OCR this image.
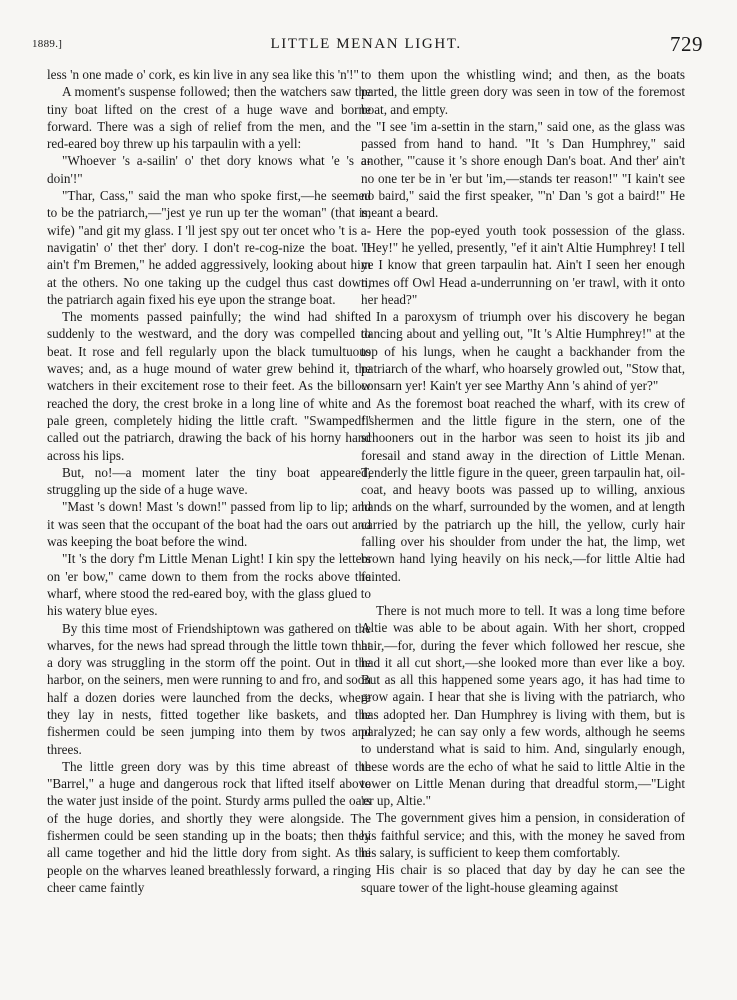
1889.]	LITTLE MENAN LIGHT.	729

less 'n one made o' cork, es kin live in any sea like this 'n'!"

A moment's suspense followed; then the watchers saw the tiny boat lifted on the crest of a huge wave and borne forward. There was a sigh of relief from the men, and the red-eared boy threw up his tarpaulin with a yell:

"Whoever 's a-sailin' o' thet dory knows what 'e 's a-doin'!"

"Thar, Cass," said the man who spoke first,—he seemed to be the patriarch,—"jest ye run up ter the woman" (that is, wife) "and git my glass. I 'll jest spy out ter oncet who 't is a-navigatin' o' thet ther' dory. I don't re-cog-nize the boat. It ain't f'm Bremen," he added aggressively, looking about him at the others. No one taking up the cudgel thus cast down, the patriarch again fixed his eye upon the strange boat.

The moments passed painfully; the wind had shifted suddenly to the westward, and the dory was compelled to beat. It rose and fell regularly upon the black tumultuous waves; and, as a huge mound of water grew behind it, the watchers in their excitement rose to their feet. As the billow reached the dory, the crest broke in a long line of white and pale green, completely hiding the little craft. "Swamped!" called out the patriarch, drawing the back of his horny hand across his lips.

But, no!—a moment later the tiny boat appeared, struggling up the side of a huge wave.

"Mast 's down! Mast 's down!" passed from lip to lip; and it was seen that the occupant of the boat had the oars out and was keeping the boat before the wind.

"It 's the dory f'm Little Menan Light! I kin spy the letters on 'er bow," came down to them from the rocks above the wharf, where stood the red-eared boy, with the glass glued to his watery blue eyes.

By this time most of Friendshiptown was gathered on the wharves, for the news had spread through the little town that a dory was struggling in the storm off the point. Out in the harbor, on the seiners, men were running to and fro, and soon half a dozen dories were launched from the decks, where they lay in nests, fitted together like baskets, and the fishermen could be seen jumping into them by twos and threes.

The little green dory was by this time abreast of the "Barrel," a huge and dangerous rock that lifted itself above the water just inside of the point. Sturdy arms pulled the oars of the huge dories, and shortly they were alongside. The fishermen could be seen standing up in the boats; then they all came together and hid the little dory from sight. As the people on the wharves leaned breathlessly forward, a ringing cheer came faintly

to them upon the whistling wind; and then, as the boats parted, the little green dory was seen in tow of the foremost boat, and empty.

"I see 'im a-settin in the starn," said one, as the glass was passed from hand to hand. "It 's Dan Humphrey," said another, "'cause it 's shore enough Dan's boat. And ther' ain't no one ter be in 'er but 'im,—stands ter reason!" "I kain't see no baird," said the first speaker, "'n' Dan 's got a baird!" He meant a beard.

Here the pop-eyed youth took possession of the glass. "Hey!" he yelled, presently, "ef it ain't Altie Humphrey! I tell ye I know that green tarpaulin hat. Ain't I seen her enough times off Owl Head a-underrunning on 'er trawl, with it onto her head?"

In a paroxysm of triumph over his discovery he began dancing about and yelling out, "It 's Altie Humphrey!" at the top of his lungs, when he caught a backhander from the patriarch of the wharf, who hoarsely growled out, "Stow that, consarn yer! Kain't yer see Marthy Ann 's ahind of yer?"

As the foremost boat reached the wharf, with its crew of fishermen and the little figure in the stern, one of the schooners out in the harbor was seen to hoist its jib and foresail and stand away in the direction of Little Menan. Tenderly the little figure in the queer, green tarpaulin hat, oil-coat, and heavy boots was passed up to willing, anxious hands on the wharf, surrounded by the women, and at length carried by the patriarch up the hill, the yellow, curly hair falling over his shoulder from under the hat, the limp, wet brown hand lying heavily on his neck,—for little Altie had fainted.

There is not much more to tell. It was a long time before Altie was able to be about again. With her short, cropped hair,—for, during the fever which followed her rescue, she had it all cut short,—she looked more than ever like a boy. But as all this happened some years ago, it has had time to grow again. I hear that she is living with the patriarch, who has adopted her. Dan Humphrey is living with them, but is paralyzed; he can say only a few words, although he seems to understand what is said to him. And, singularly enough, these words are the echo of what he said to little Altie in the tower on Little Menan during that dreadful storm,—"Light 'er up, Altie."

The government gives him a pension, in consideration of his faithful service; and this, with the money he saved from his salary, is sufficient to keep them comfortably.

His chair is so placed that day by day he can see the square tower of the light-house gleaming against
